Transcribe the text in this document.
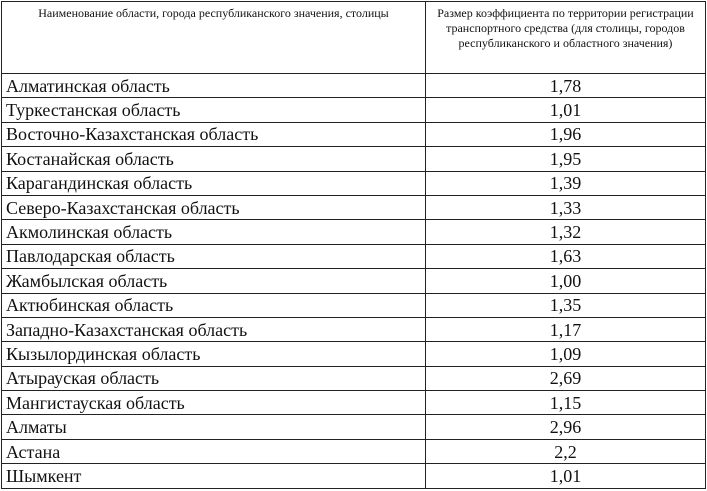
Наименование области, города республиканского значения, столицы	Размер коэффициента по территории регистрации транспортного средства (для столицы, городов республиканского и областного значения)
Алматинская область	1,78
Туркестанская область	1,01
Восточно-Казахстанская область	1,96
Костанайская область	1,95
Карагандинская область	1,39
Северо-Казахстанская область	1,33
Акмолинская область	1,32
Павлодарская область	1,63
Жамбылская область	1,00
Актюбинская область	1,35
Западно-Казахстанская область	1,17
Кызылординская область	1,09
Атырауская область	2,69
Мангистауская область	1,15
Алматы	2,96
Астана	2,2
Шымкент	1,01
